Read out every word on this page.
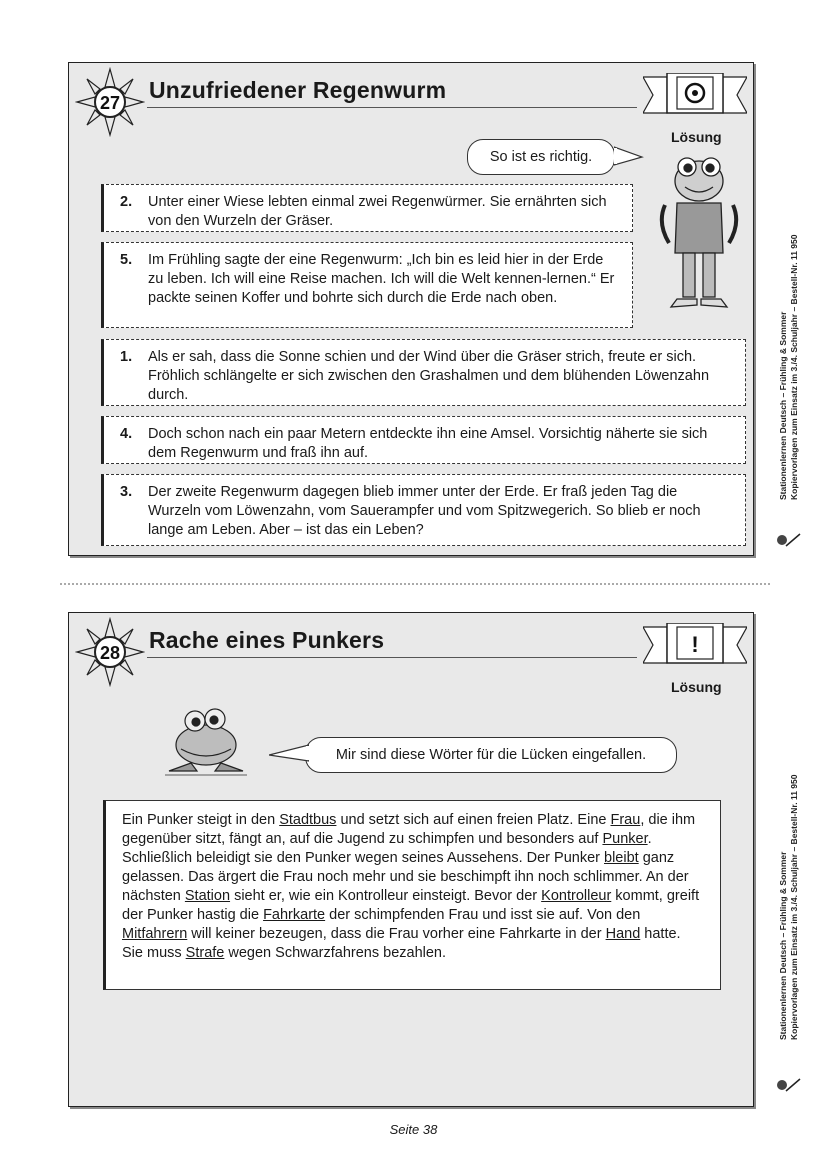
27 Unzufriedener Regenwurm
Lösung
So ist es richtig.
2. Unter einer Wiese lebten einmal zwei Regenwürmer. Sie ernährten sich von den Wurzeln der Gräser.
5. Im Frühling sagte der eine Regenwurm: „Ich bin es leid hier in der Erde zu leben. Ich will eine Reise machen. Ich will die Welt kennen-lernen.“ Er packte seinen Koffer und bohrte sich durch die Erde nach oben.
1. Als er sah, dass die Sonne schien und der Wind über die Gräser strich, freute er sich. Fröhlich schlängelte er sich zwischen den Grashalmen und dem blühenden Löwenzahn durch.
4. Doch schon nach ein paar Metern entdeckte ihn eine Amsel. Vorsichtig näherte sie sich dem Regenwurm und fraß ihn auf.
3. Der zweite Regenwurm dagegen blieb immer unter der Erde. Er fraß jeden Tag die Wurzeln vom Löwenzahn, vom Sauerampfer und vom Spitzwegerich. So blieb er noch lange am Leben. Aber – ist das ein Leben?
28 Rache eines Punkers	!
Lösung
Mir sind diese Wörter für die Lücken eingefallen.

Ein Punker steigt in den Stadtbus und setzt sich auf einen freien Platz. Eine Frau, die ihm gegenüber sitzt, fängt an, auf die Jugend zu schimpfen und besonders auf Punker. Schließlich beleidigt sie den Punker wegen seines Aussehens. Der Punker bleibt ganz gelassen. Das ärgert die Frau noch mehr und sie beschimpft ihn noch schlimmer. An der nächsten Station sieht er, wie ein Kontrolleur einsteigt. Bevor der Kontrolleur kommt, greift der Punker hastig die Fahrkarte der schimpfenden Frau und isst sie auf. Von den Mitfahrern will keiner bezeugen, dass die Frau vorher eine Fahrkarte in der Hand hatte. Sie muss Strafe wegen Schwarzfahrens bezahlen.

Stationenlernen Deutsch – Frühling & Sommer Kopiervorlagen zum Einsatz im 3./4. Schuljahr – Bestell-Nr. 11 950
Stationenlernen Deutsch – Frühling & Sommer Kopiervorlagen zum Einsatz im 3./4. Schuljahr – Bestell-Nr. 11 950
Seite 38
